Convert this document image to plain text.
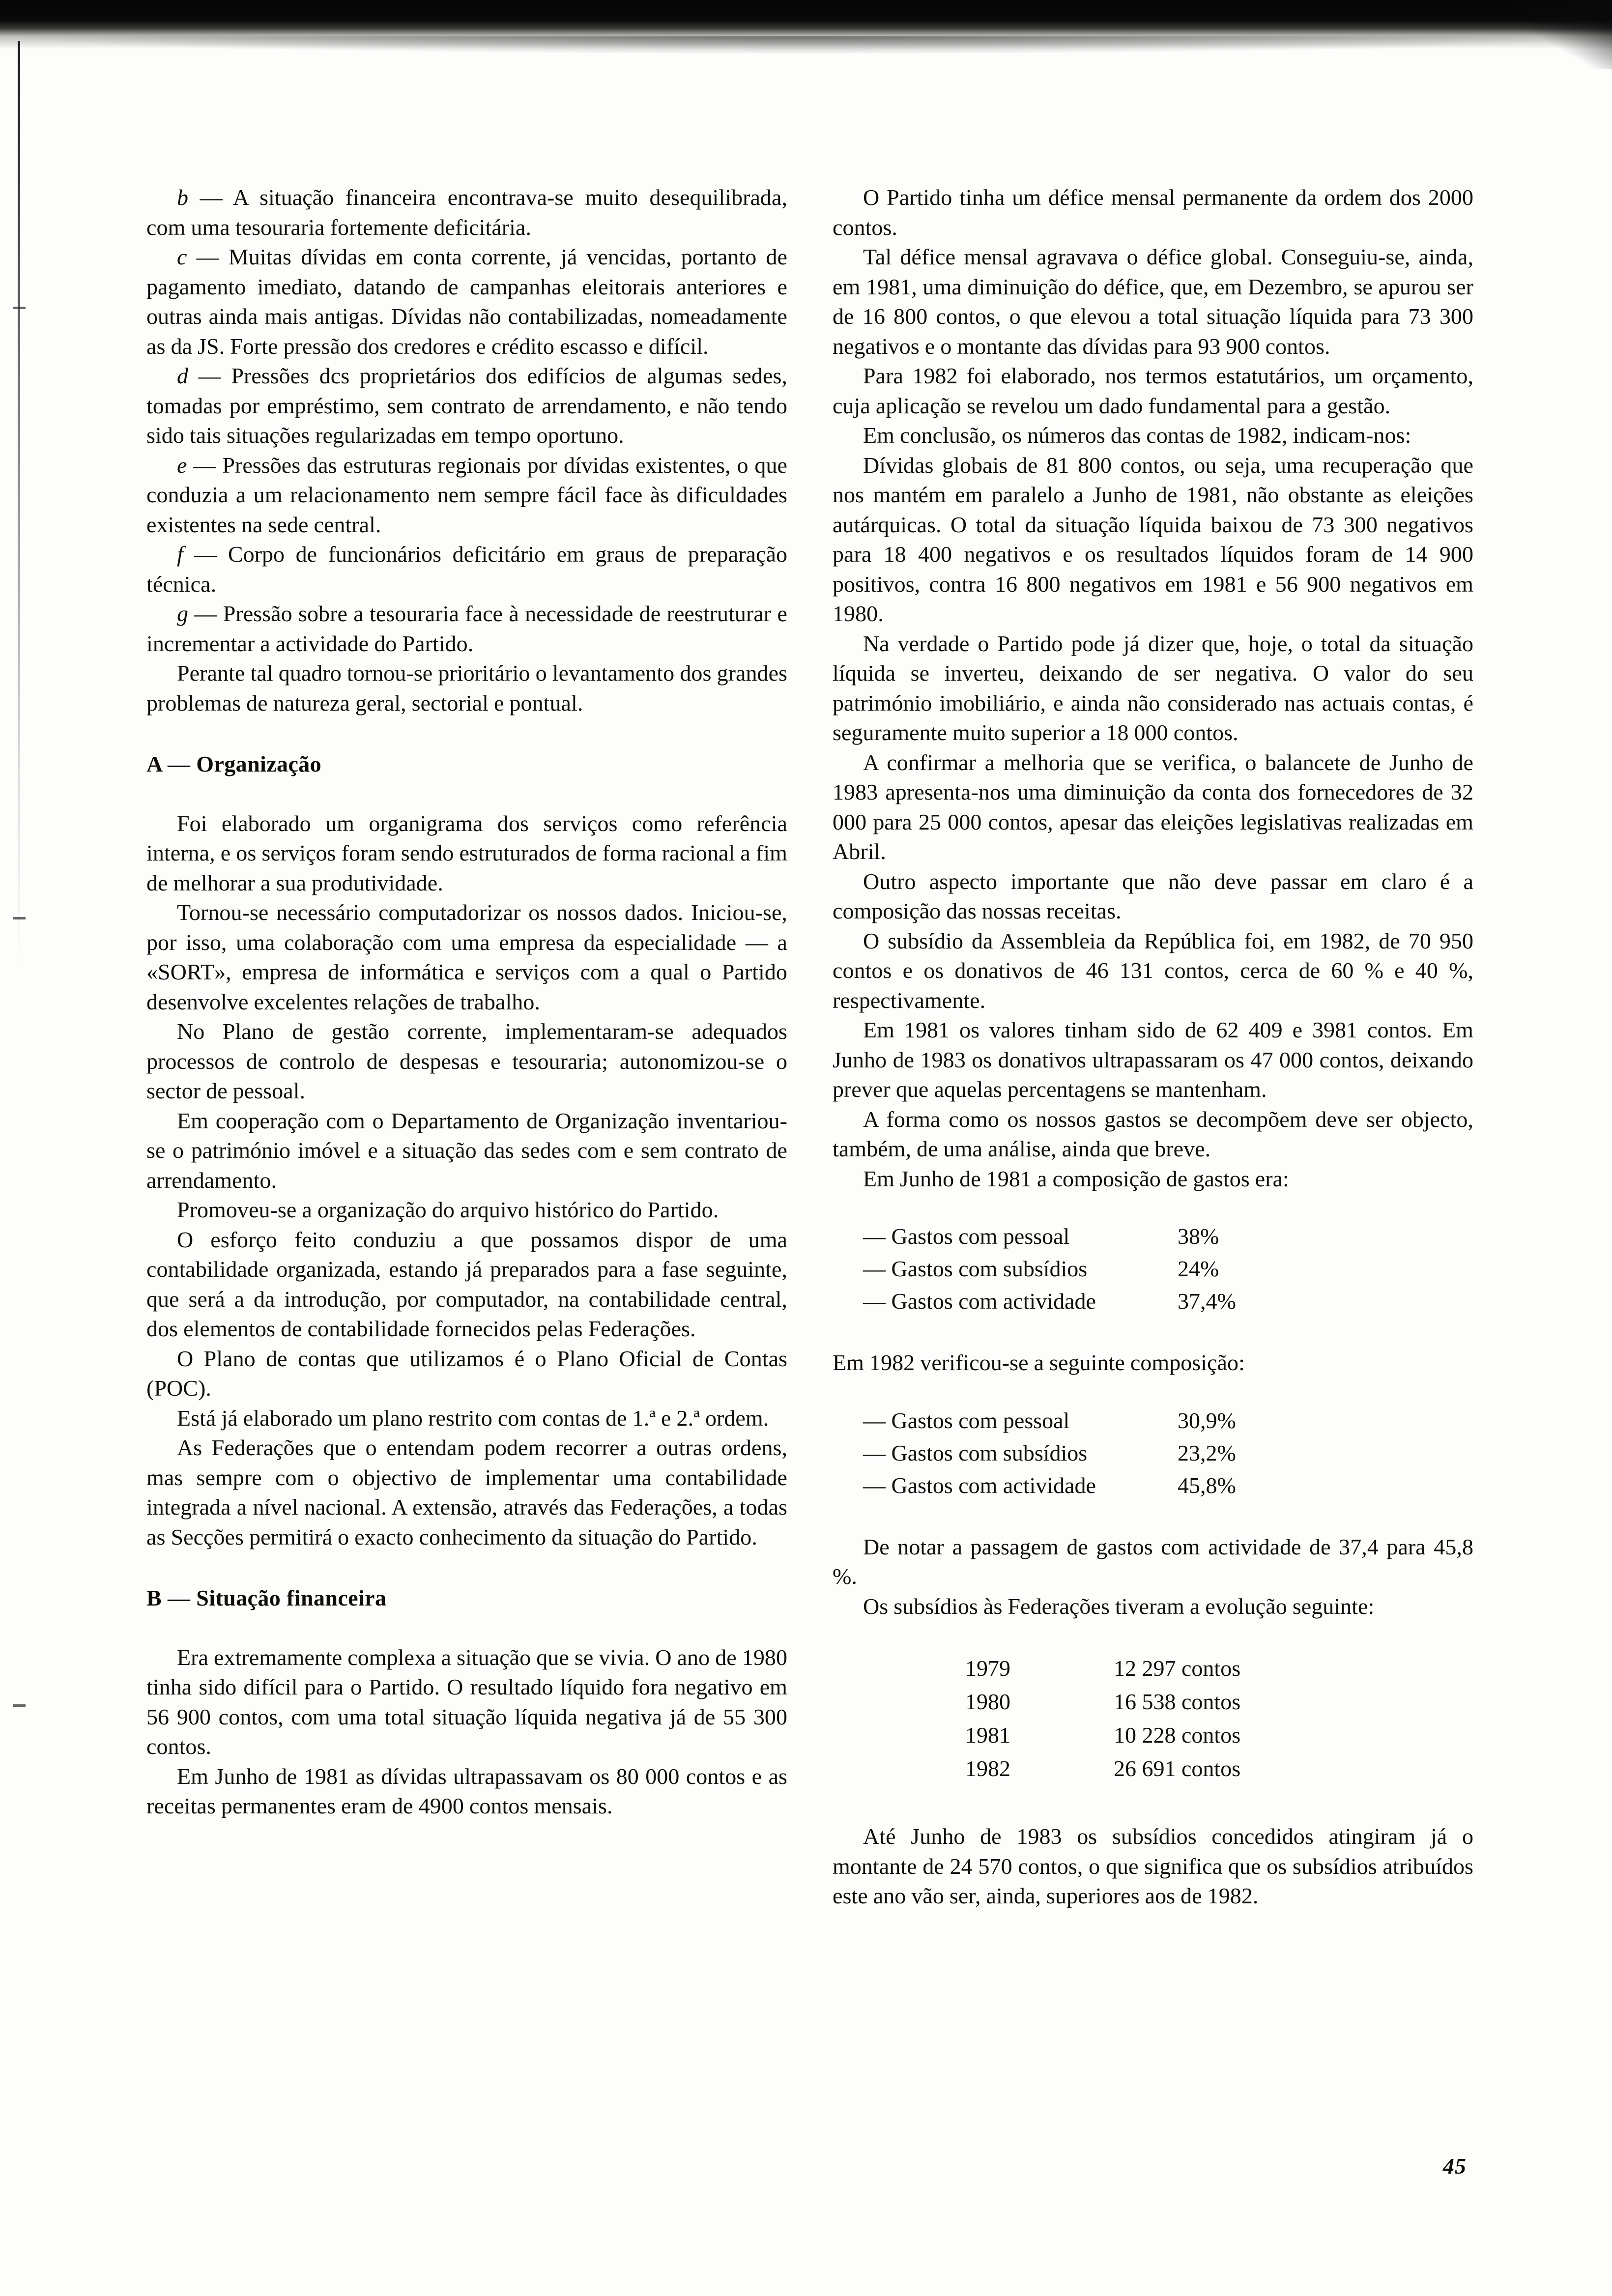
b — A situação financeira encontrava-se muito desequilibrada, com uma tesouraria fortemente deficitária.

c — Muitas dívidas em conta corrente, já vencidas, portanto de pagamento imediato, datando de campanhas eleitorais anteriores e outras ainda mais antigas. Dívidas não contabilizadas, nomeadamente as da JS. Forte pressão dos credores e crédito escasso e difícil.

d — Pressões dcs proprietários dos edifícios de algumas sedes, tomadas por empréstimo, sem contrato de arrendamento, e não tendo sido tais situações regularizadas em tempo oportuno.

e — Pressões das estruturas regionais por dívidas existentes, o que conduzia a um relacionamento nem sempre fácil face às dificuldades existentes na sede central.

f — Corpo de funcionários deficitário em graus de preparação técnica.

g — Pressão sobre a tesouraria face à necessidade de reestruturar e incrementar a actividade do Partido.

Perante tal quadro tornou-se prioritário o levantamento dos grandes problemas de natureza geral, sectorial e pontual.

A — Organização

Foi elaborado um organigrama dos serviços como referência interna, e os serviços foram sendo estruturados de forma racional a fim de melhorar a sua produtividade.

Tornou-se necessário computadorizar os nossos dados. Iniciou-se, por isso, uma colaboração com uma empresa da especialidade — a «SORT», empresa de informática e serviços com a qual o Partido desenvolve excelentes relações de trabalho.

No Plano de gestão corrente, implementaram-se adequados processos de controlo de despesas e tesouraria; autonomizou-se o sector de pessoal.

Em cooperação com o Departamento de Organização inventariou-se o património imóvel e a situação das sedes com e sem contrato de arrendamento.

Promoveu-se a organização do arquivo histórico do Partido.

O esforço feito conduziu a que possamos dispor de uma contabilidade organizada, estando já preparados para a fase seguinte, que será a da introdução, por computador, na contabilidade central, dos elementos de contabilidade fornecidos pelas Federações.

O Plano de contas que utilizamos é o Plano Oficial de Contas (POC).

Está já elaborado um plano restrito com contas de 1.ª e 2.ª ordem.

As Federações que o entendam podem recorrer a outras ordens, mas sempre com o objectivo de implementar uma contabilidade integrada a nível nacional. A extensão, através das Federações, a todas as Secções permitirá o exacto conhecimento da situação do Partido.

B — Situação financeira

Era extremamente complexa a situação que se vivia. O ano de 1980 tinha sido difícil para o Partido. O resultado líquido fora negativo em 56 900 contos, com uma total situação líquida negativa já de 55 300 contos.

Em Junho de 1981 as dívidas ultrapassavam os 80 000 contos e as receitas permanentes eram de 4900 contos mensais.

O Partido tinha um défice mensal permanente da ordem dos 2000 contos.

Tal défice mensal agravava o défice global. Conseguiu-se, ainda, em 1981, uma diminuição do défice, que, em Dezembro, se apurou ser de 16 800 contos, o que elevou a total situação líquida para 73 300 negativos e o montante das dívidas para 93 900 contos.

Para 1982 foi elaborado, nos termos estatutários, um orçamento, cuja aplicação se revelou um dado fundamental para a gestão.

Em conclusão, os números das contas de 1982, indicam-nos:

Dívidas globais de 81 800 contos, ou seja, uma recuperação que nos mantém em paralelo a Junho de 1981, não obstante as eleições autárquicas. O total da situação líquida baixou de 73 300 negativos para 18 400 negativos e os resultados líquidos foram de 14 900 positivos, contra 16 800 negativos em 1981 e 56 900 negativos em 1980.

Na verdade o Partido pode já dizer que, hoje, o total da situação líquida se inverteu, deixando de ser negativa. O valor do seu património imobiliário, e ainda não considerado nas actuais contas, é seguramente muito superior a 18 000 contos.

A confirmar a melhoria que se verifica, o balancete de Junho de 1983 apresenta-nos uma diminuição da conta dos fornecedores de 32 000 para 25 000 contos, apesar das eleições legislativas realizadas em Abril.

Outro aspecto importante que não deve passar em claro é a composição das nossas receitas.

O subsídio da Assembleia da República foi, em 1982, de 70 950 contos e os donativos de 46 131 contos, cerca de 60 % e 40 %, respectivamente.

Em 1981 os valores tinham sido de 62 409 e 3981 contos. Em Junho de 1983 os donativos ultrapassaram os 47 000 contos, deixando prever que aquelas percentagens se mantenham.

A forma como os nossos gastos se decompõem deve ser objecto, também, de uma análise, ainda que breve.

Em Junho de 1981 a composição de gastos era:

— Gastos com pessoal	38%
— Gastos com subsídios	24%
— Gastos com actividade	37,4%

Em 1982 verificou-se a seguinte composição:

— Gastos com pessoal	30,9%
— Gastos com subsídios	23,2%
— Gastos com actividade	45,8%

De notar a passagem de gastos com actividade de 37,4 para 45,8 %.

Os subsídios às Federações tiveram a evolução seguinte:

1979	12 297 contos
1980	16 538 contos
1981	10 228 contos
1982	26 691 contos

Até Junho de 1983 os subsídios concedidos atingiram já o montante de 24 570 contos, o que significa que os subsídios atribuídos este ano vão ser, ainda, superiores aos de 1982.

45
